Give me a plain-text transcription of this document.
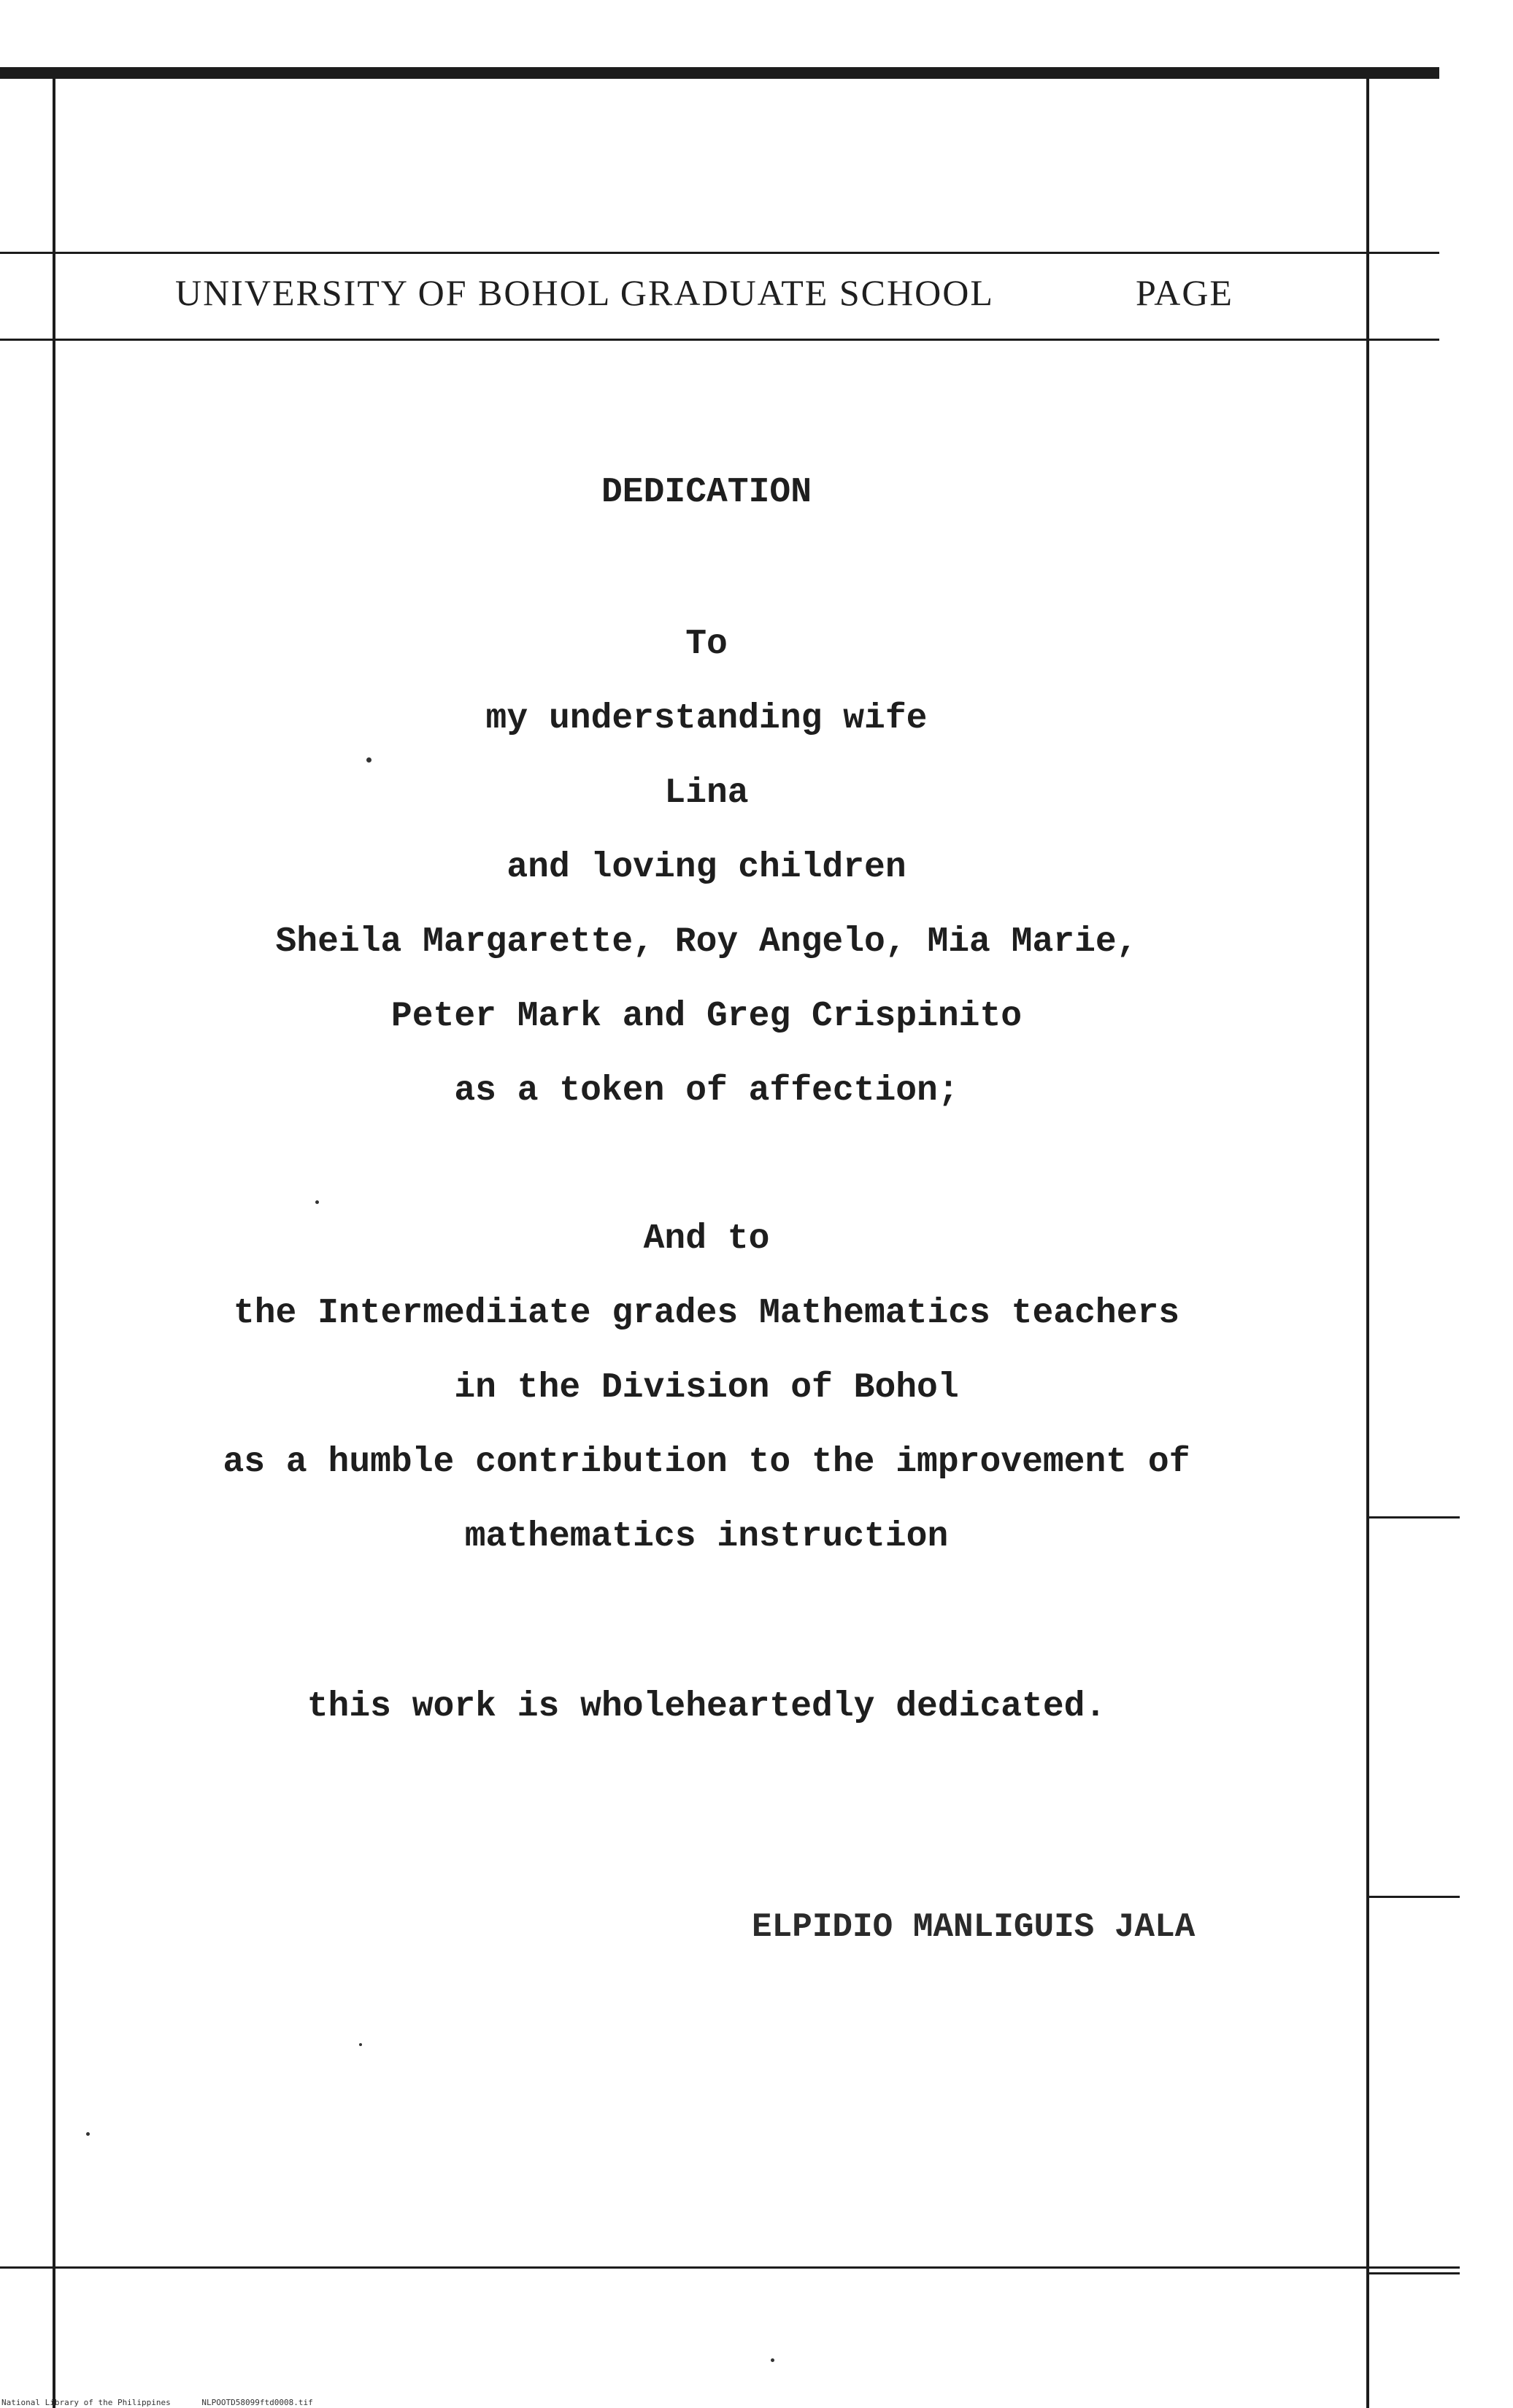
UNIVERSITY OF BOHOL GRADUATE SCHOOL	PAGE
DEDICATION
To
my understanding wife
Lina
and loving children
Sheila Margarette, Roy Angelo, Mia Marie,
Peter Mark and Greg Crispinito
as a token of affection;
And to
the Intermediiate grades Mathematics teachers
in the Division of Bohol
as a humble contribution to the improvement of
mathematics instruction
this work is wholeheartedly dedicated.
ELPIDIO MANLIGUIS JALA
National Library of the Philippines	NLPOOTD58099ftd0008.tif
